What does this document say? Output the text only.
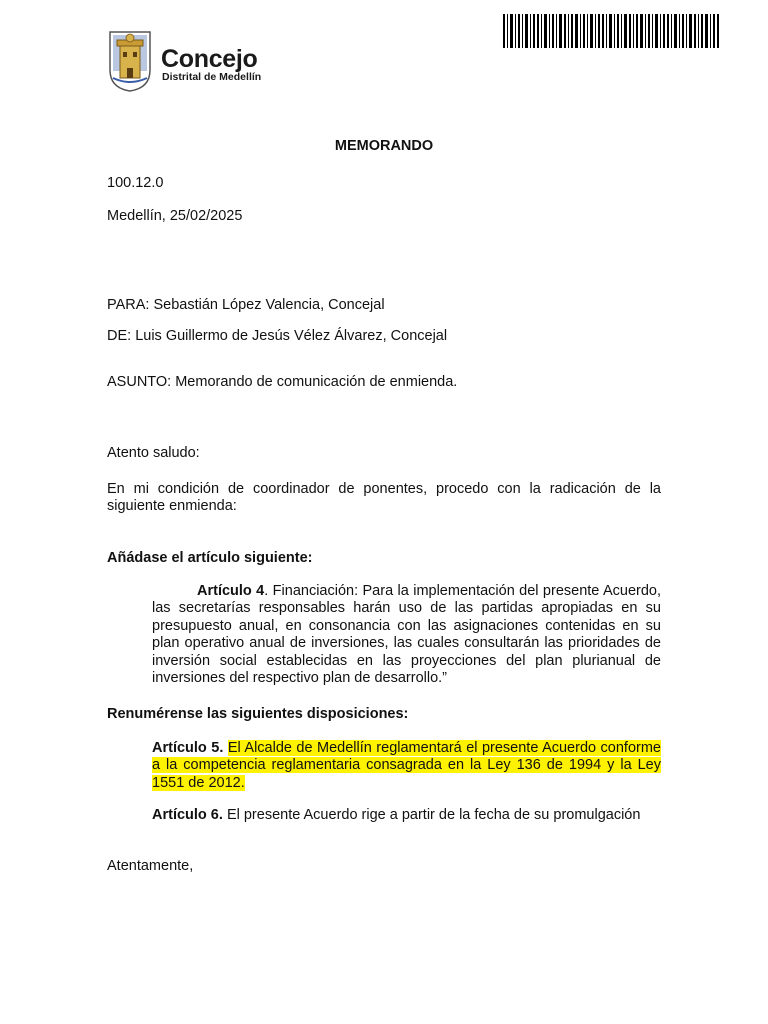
Concejo
Distrital de Medellín
MEMORANDO
100.12.0
Medellín, 25/02/2025
PARA: Sebastián López Valencia, Concejal
DE: Luis Guillermo de Jesús Vélez Álvarez, Concejal
ASUNTO: Memorando de comunicación de enmienda.
Atento saludo:
En mi condición de coordinador de ponentes, procedo con la radicación de la siguiente enmienda:
Añádase el artículo siguiente:
Artículo 4. Financiación: Para la implementación del presente Acuerdo, las secretarías responsables harán uso de las partidas apropiadas en su presupuesto anual, en consonancia con las asignaciones contenidas en su plan operativo anual de inversiones, las cuales consultarán las prioridades de inversión social establecidas en las proyecciones del plan plurianual de inversiones del respectivo plan de desarrollo.”
Renumérense las siguientes disposiciones:
Artículo 5. El Alcalde de Medellín reglamentará el presente Acuerdo conforme a la competencia reglamentaria consagrada en la Ley 136 de 1994 y la Ley 1551 de 2012.
Artículo 6. El presente Acuerdo rige a partir de la fecha de su promulgación
Atentamente,
